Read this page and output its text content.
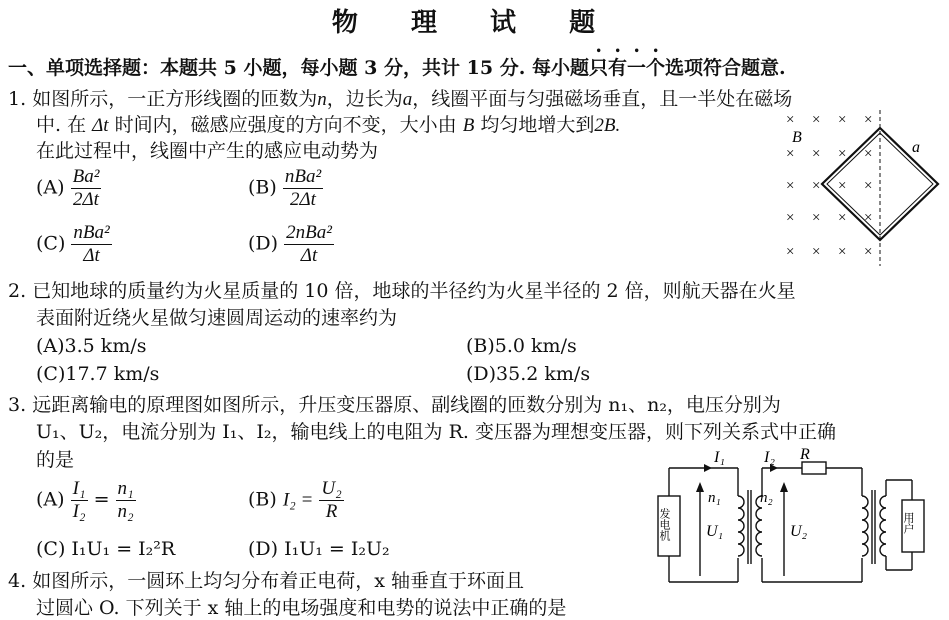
物 理 试 题
一、单项选择题：本题共 5 小题，每小题 3 分，共计 15 分. 每小题只有一个选项符合题意.
1. 如图所示，一正方形线圈的匝数为n，边长为a，线圈平面与匀强磁场垂直，且一半处在磁场
中. 在 Δt 时间内，磁感应强度的方向不变，大小由 B 均匀地增大到2B.
在此过程中，线圈中产生的感应电动势为
$(A) \frac{\text{Ba²}}{2\Delta t}$	$(B) \frac{\text{nBa²}}{2\Delta t}$
$(C) \frac{\text{nBa²}}{\Delta t}$	$(D) \frac{\text{2nBa²}}{\Delta t}$
× × × ×
× × × ×
× × × ×
× × × ×
× × × ×
B
a
2. 已知地球的质量约为火星质量的 10 倍，地球的半径约为火星半径的 2 倍，则航天器在火星
表面附近绕火星做匀速圆周运动的速率约为
(A)3.5 km/s	(B)5.0 km/s
(C)17.7 km/s	(D)35.2 km/s
3. 远距离输电的原理图如图所示，升压变压器原、副线圈的匝数分别为 n₁、n₂，电压分别为
U₁、U₂，电流分别为 I₁、I₂，输电线上的电阻为 R. 变压器为理想变压器，则下列关系式中正确
的是
$(A) \frac{\text{I₁}}{\text{I₂}} = \frac{\text{n₁}}{\text{n₂}}$	(B) $I_2 = \frac{\text{U₂}}{R}$
(C) I₁U₁ = I₂²R	(D) I₁U₁ = I₂U₂
I₁ I₂ R
n₁	n₂
U₁	U₂
发电机	用户
4. 如图所示，一圆环上均匀分布着正电荷，x 轴垂直于环面且
过圆心 O. 下列关于 x 轴上的电场强度和电势的说法中正确的是
